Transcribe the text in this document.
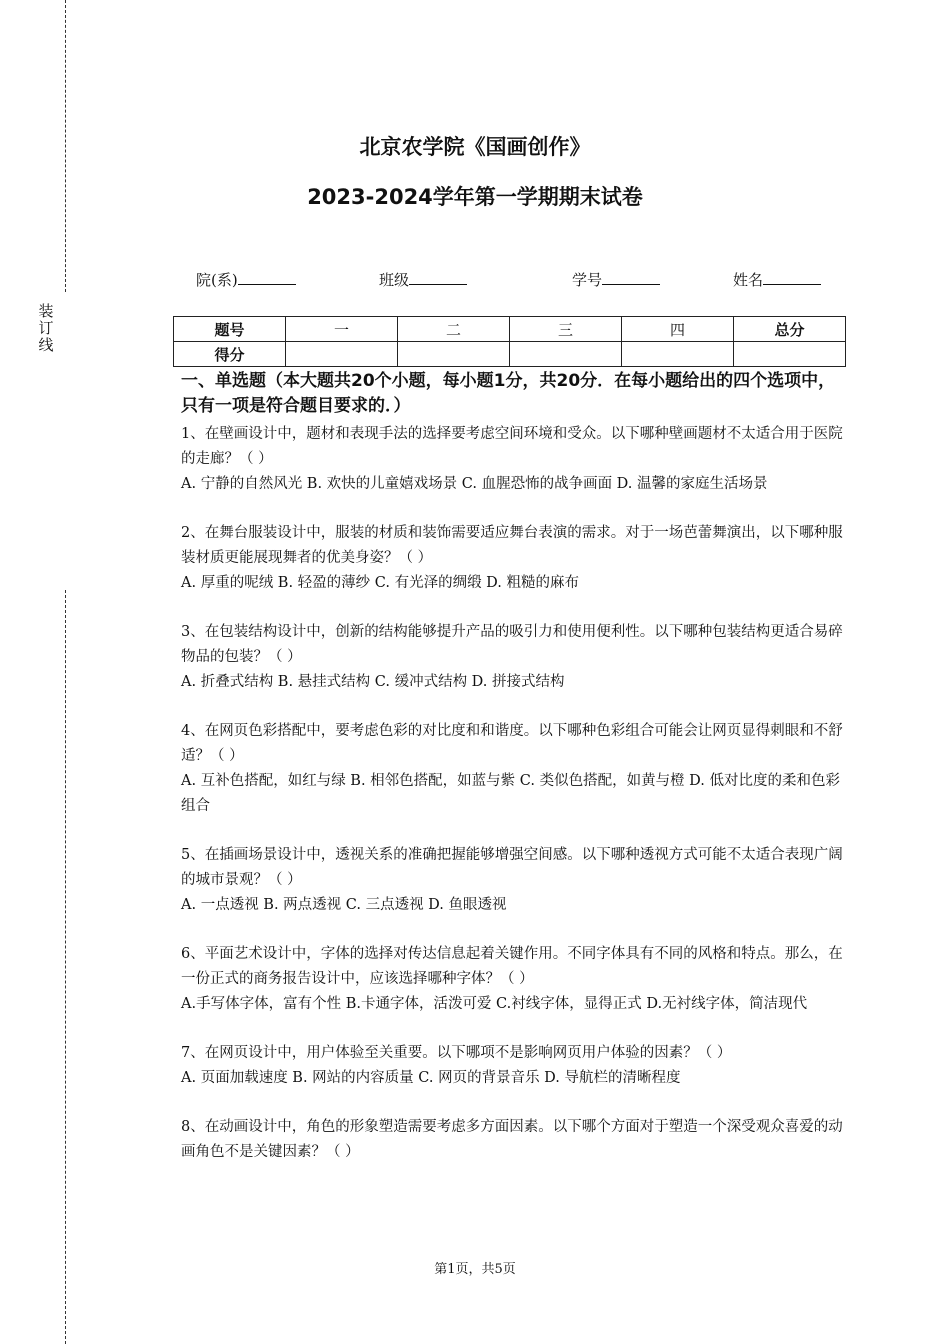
装
订
线
北京农学院《国画创作》
2023-2024学年第一学期期末试卷
院(系)	班级	学号	姓名
题号	一	二	三	四	总分
得分					
一、单选题（本大题共20个小题，每小题1分，共20分．在每小题给出的四个选项中，只有一项是符合题目要求的．）

1、在壁画设计中，题材和表现手法的选择要考虑空间环境和受众。以下哪种壁画题材不太适合用于医院的走廊？（ ）

A. 宁静的自然风光 B. 欢快的儿童嬉戏场景 C. 血腥恐怖的战争画面 D. 温馨的家庭生活场景

2、在舞台服装设计中，服装的材质和装饰需要适应舞台表演的需求。对于一场芭蕾舞演出，以下哪种服装材质更能展现舞者的优美身姿？（ ）

A. 厚重的呢绒 B. 轻盈的薄纱 C. 有光泽的绸缎 D. 粗糙的麻布

3、在包装结构设计中，创新的结构能够提升产品的吸引力和使用便利性。以下哪种包装结构更适合易碎物品的包装？（ ）

A. 折叠式结构 B. 悬挂式结构 C. 缓冲式结构 D. 拼接式结构

4、在网页色彩搭配中，要考虑色彩的对比度和和谐度。以下哪种色彩组合可能会让网页显得刺眼和不舒适？（ ）

A. 互补色搭配，如红与绿 B. 相邻色搭配，如蓝与紫 C. 类似色搭配，如黄与橙 D. 低对比度的柔和色彩组合

5、在插画场景设计中，透视关系的准确把握能够增强空间感。以下哪种透视方式可能不太适合表现广阔的城市景观？（ ）

A. 一点透视 B. 两点透视 C. 三点透视 D. 鱼眼透视

6、平面艺术设计中，字体的选择对传达信息起着关键作用。不同字体具有不同的风格和特点。那么，在一份正式的商务报告设计中，应该选择哪种字体？（ ）

A.手写体字体，富有个性 B.卡通字体，活泼可爱 C.衬线字体，显得正式 D.无衬线字体，简洁现代

7、在网页设计中，用户体验至关重要。以下哪项不是影响网页用户体验的因素？（ ）

A. 页面加载速度 B. 网站的内容质量 C. 网页的背景音乐 D. 导航栏的清晰程度

8、在动画设计中，角色的形象塑造需要考虑多方面因素。以下哪个方面对于塑造一个深受观众喜爱的动画角色不是关键因素？（ ）

第1页，共5页
